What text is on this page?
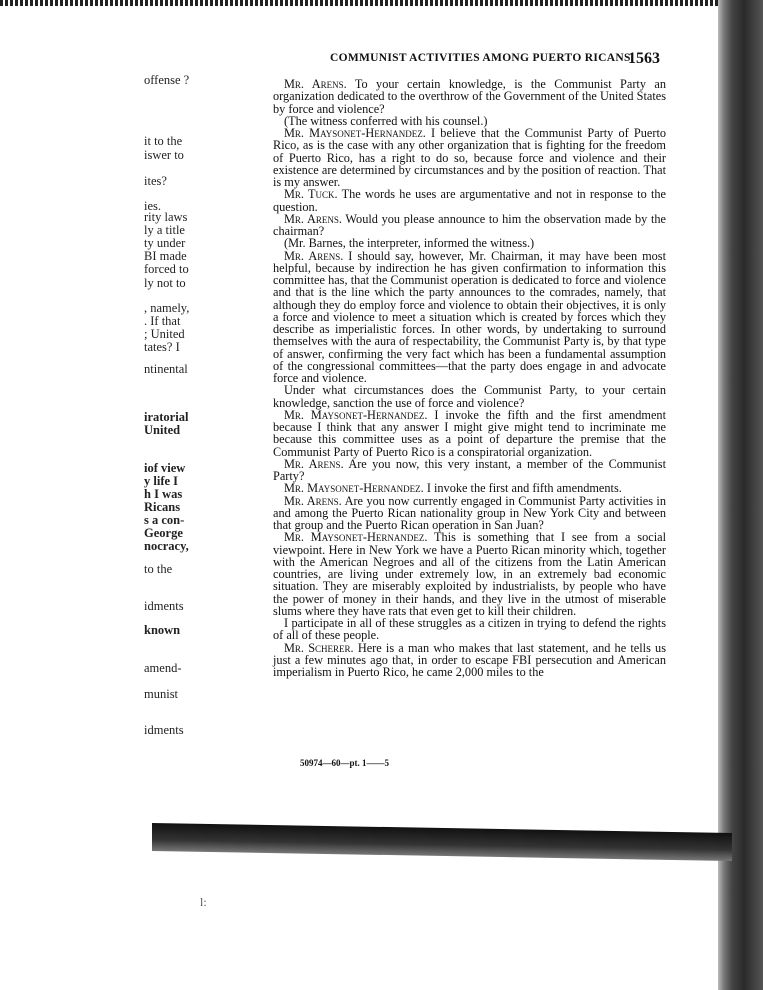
COMMUNIST ACTIVITIES AMONG PUERTO RICANS
1563
offense ?
it to the
iswer to
ites?
ies.
rity laws
ly a title
ty under
BI made
forced to
ly not to
, namely,
. If that
; United
tates? I
ntinental
iratorial
United
iof view
y life I
h I was
Ricans
s a con-
George
nocracy,
to the
idments
known
amend-
munist
idments

Mr. Arens. To your certain knowledge, is the Communist Party an organization dedicated to the overthrow of the Government of the United States by force and violence?

(The witness conferred with his counsel.)

Mr. Maysonet-Hernandez. I believe that the Communist Party of Puerto Rico, as is the case with any other organization that is fighting for the freedom of Puerto Rico, has a right to do so, because force and violence and their existence are determined by circumstances and by the position of reaction. That is my answer.

Mr. Tuck. The words he uses are argumentative and not in response to the question.

Mr. Arens. Would you please announce to him the observation made by the chairman?

(Mr. Barnes, the interpreter, informed the witness.)

Mr. Arens. I should say, however, Mr. Chairman, it may have been most helpful, because by indirection he has given confirmation to information this committee has, that the Communist operation is dedicated to force and violence and that is the line which the party announces to the comrades, namely, that although they do employ force and violence to obtain their objectives, it is only a force and violence to meet a situation which is created by forces which they describe as imperialistic forces. In other words, by undertaking to surround themselves with the aura of respectability, the Communist Party is, by that type of answer, confirming the very fact which has been a fundamental assumption of the congressional committees—that the party does engage in and advocate force and violence.

Under what circumstances does the Communist Party, to your certain knowledge, sanction the use of force and violence?

Mr. Maysonet-Hernandez. I invoke the fifth and the first amendment because I think that any answer I might give might tend to incriminate me because this committee uses as a point of departure the premise that the Communist Party of Puerto Rico is a conspiratorial organization.

Mr. Arens. Are you now, this very instant, a member of the Communist Party?

Mr. Maysonet-Hernandez. I invoke the first and fifth amendments.

Mr. Arens. Are you now currently engaged in Communist Party activities in and among the Puerto Rican nationality group in New York City and between that group and the Puerto Rican operation in San Juan?

Mr. Maysonet-Hernandez. This is something that I see from a social viewpoint. Here in New York we have a Puerto Rican minority which, together with the American Negroes and all of the citizens from the Latin American countries, are living under extremely low, in an extremely bad economic situation. They are miserably exploited by industrialists, by people who have the power of money in their hands, and they live in the utmost of miserable slums where they have rats that even get to kill their children.

I participate in all of these struggles as a citizen in trying to defend the rights of all of these people.

Mr. Scherer. Here is a man who makes that last statement, and he tells us just a few minutes ago that, in order to escape FBI persecution and American imperialism in Puerto Rico, he came 2,000 miles to the

50974—60—pt. 1——5
l:
